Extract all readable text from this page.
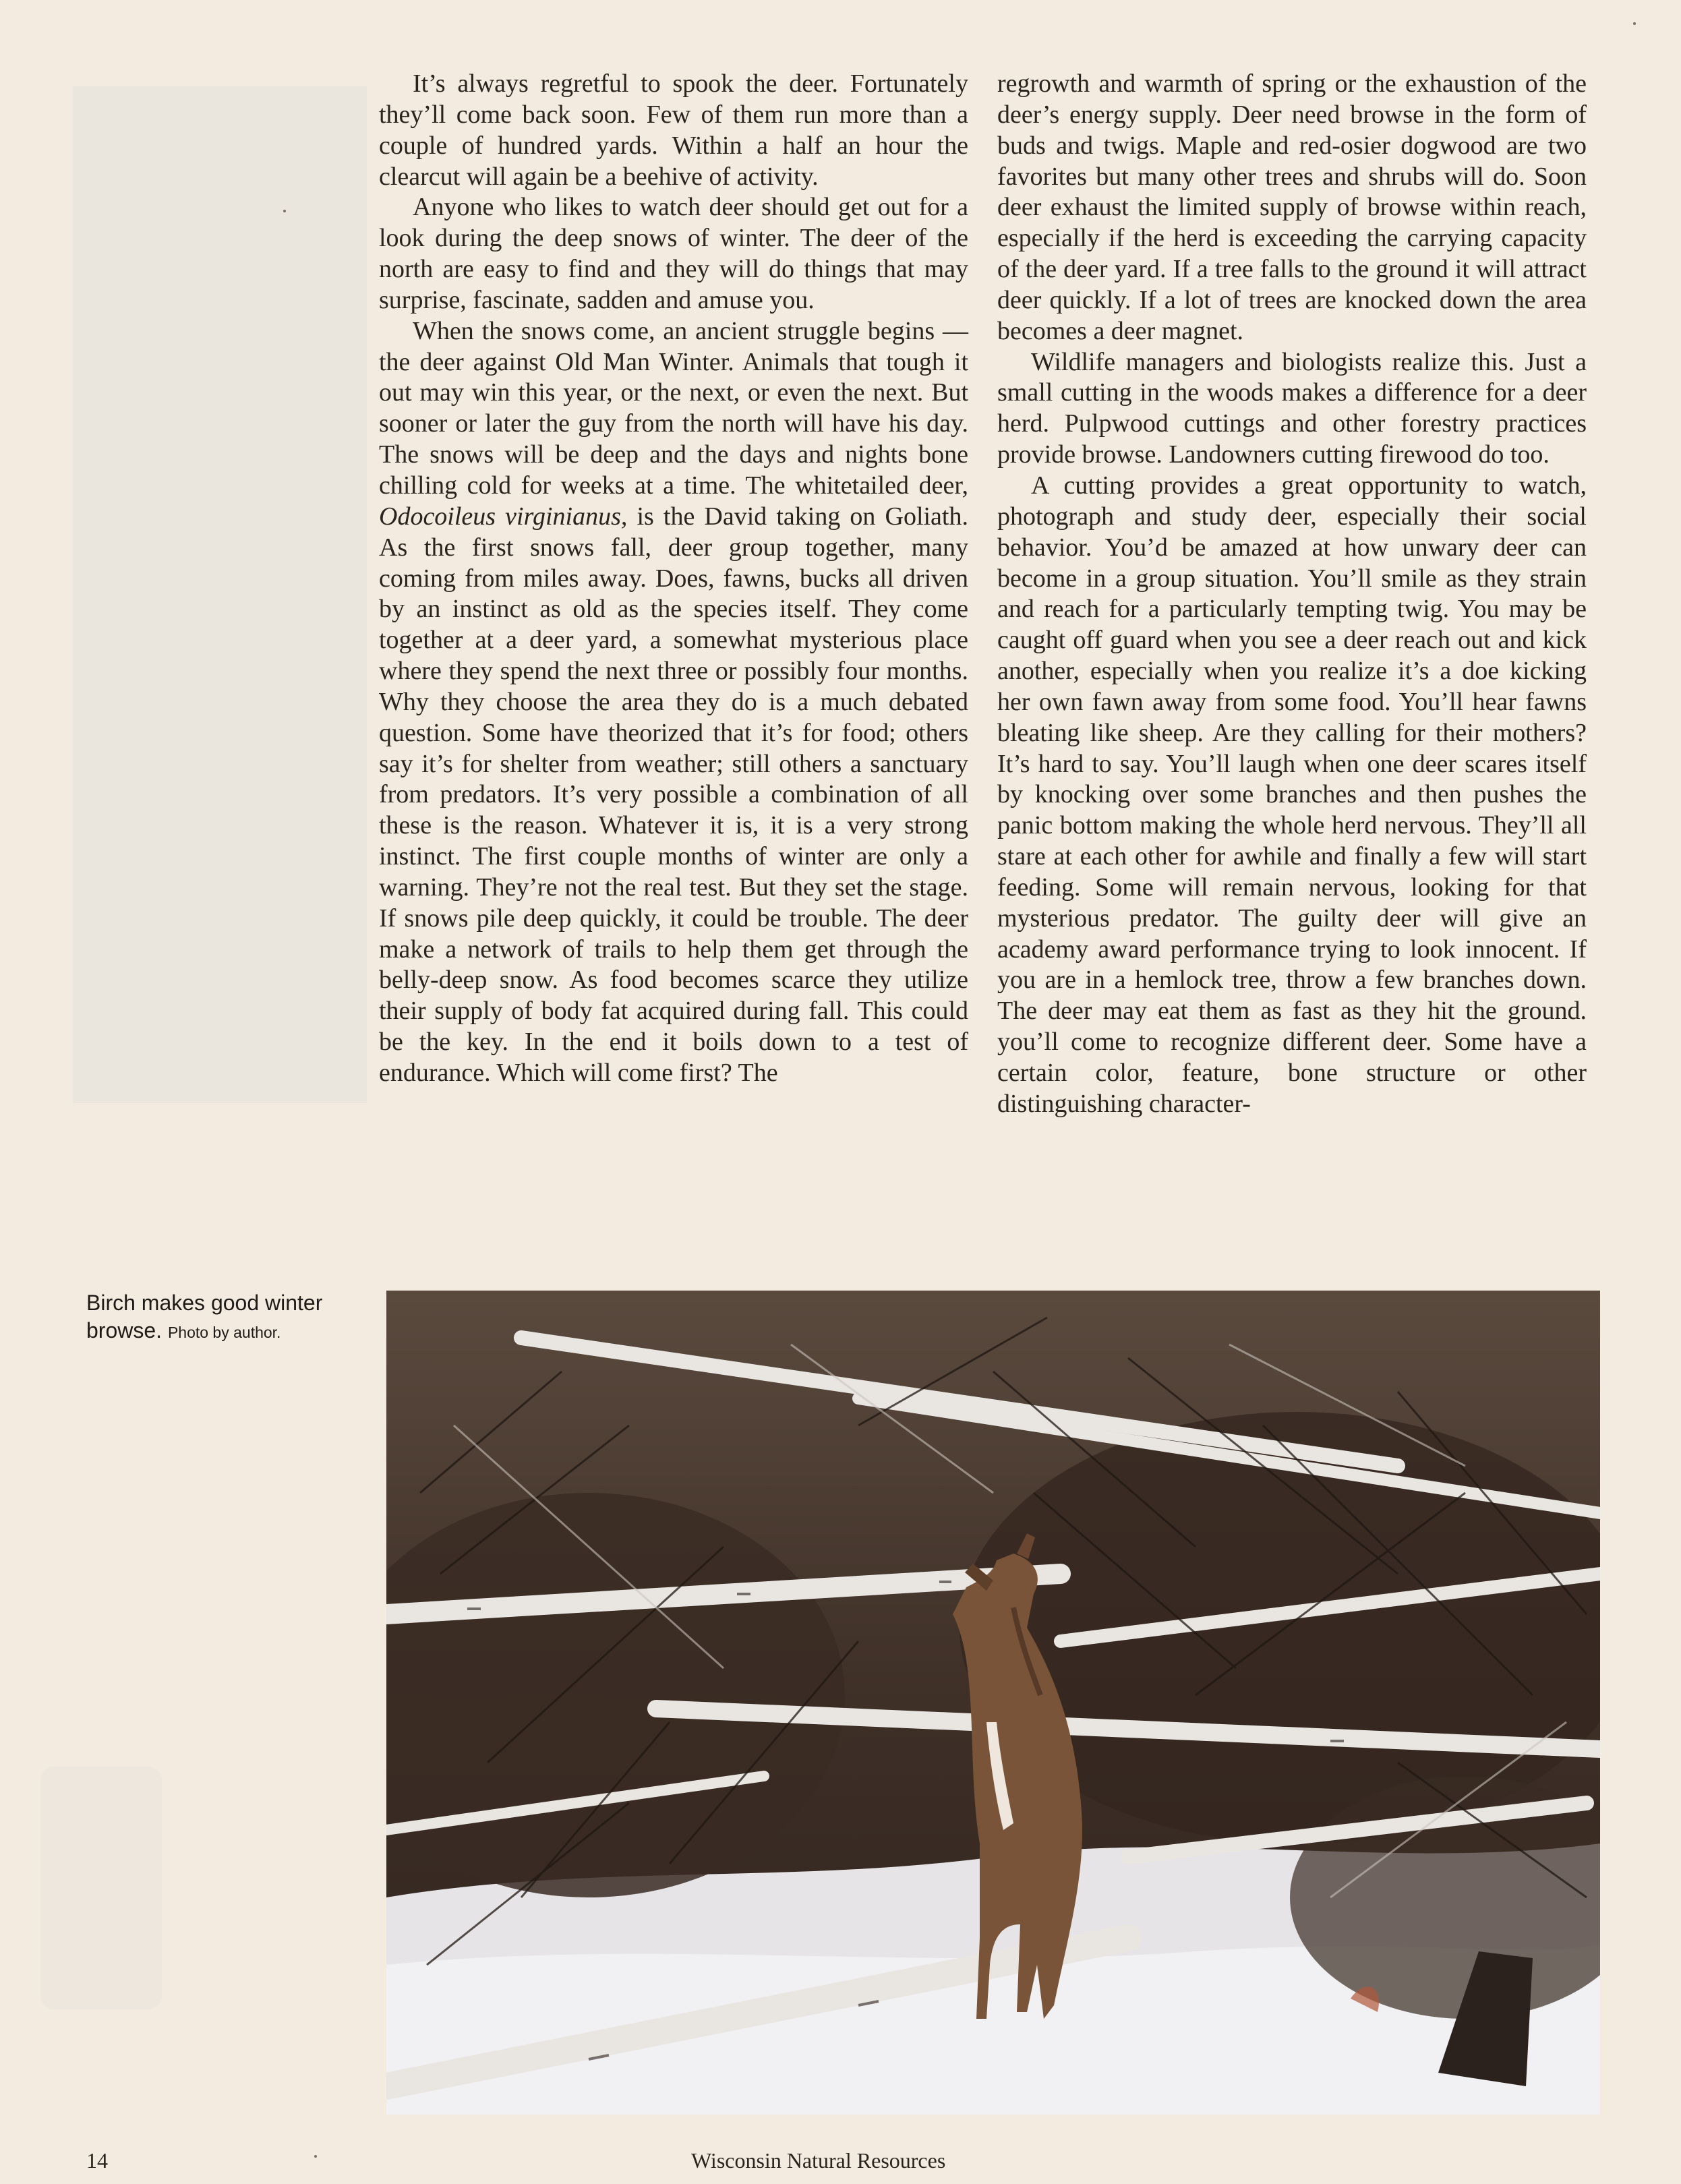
It’s always regretful to spook the deer. Fortunately they’ll come back soon. Few of them run more than a couple of hundred yards. Within a half an hour the clearcut will again be a beehive of activity.

Anyone who likes to watch deer should get out for a look during the deep snows of winter. The deer of the north are easy to find and they will do things that may surprise, fascinate, sadden and amuse you.

When the snows come, an ancient struggle begins — the deer against Old Man Winter. Animals that tough it out may win this year, or the next, or even the next. But sooner or later the guy from the north will have his day. The snows will be deep and the days and nights bone chilling cold for weeks at a time. The whitetailed deer, Odocoileus virginianus, is the David taking on Goliath. As the first snows fall, deer group together, many coming from miles away. Does, fawns, bucks all driven by an instinct as old as the species itself. They come together at a deer yard, a somewhat mysterious place where they spend the next three or possibly four months. Why they choose the area they do is a much debated question. Some have theorized that it’s for food; others say it’s for shelter from weather; still others a sanctuary from predators. It’s very possible a combination of all these is the reason. Whatever it is, it is a very strong instinct. The first couple months of winter are only a warning. They’re not the real test. But they set the stage. If snows pile deep quickly, it could be trouble. The deer make a network of trails to help them get through the belly-deep snow. As food becomes scarce they utilize their supply of body fat acquired during fall. This could be the key. In the end it boils down to a test of endurance. Which will come first? The

regrowth and warmth of spring or the exhaustion of the deer’s energy supply. Deer need browse in the form of buds and twigs. Maple and red-osier dogwood are two favorites but many other trees and shrubs will do. Soon deer exhaust the limited supply of browse within reach, especially if the herd is exceeding the carrying capacity of the deer yard. If a tree falls to the ground it will attract deer quickly. If a lot of trees are knocked down the area becomes a deer magnet.

Wildlife managers and biologists realize this. Just a small cutting in the woods makes a difference for a deer herd. Pulpwood cuttings and other forestry practices provide browse. Landowners cutting firewood do too.

A cutting provides a great opportunity to watch, photograph and study deer, especially their social behavior. You’d be amazed at how unwary deer can become in a group situation. You’ll smile as they strain and reach for a particularly tempting twig. You may be caught off guard when you see a deer reach out and kick another, especially when you realize it’s a doe kicking her own fawn away from some food. You’ll hear fawns bleating like sheep. Are they calling for their mothers? It’s hard to say. You’ll laugh when one deer scares itself by knocking over some branches and then pushes the panic bottom making the whole herd nervous. They’ll all stare at each other for awhile and finally a few will start feeding. Some will remain nervous, looking for that mysterious predator. The guilty deer will give an academy award performance trying to look innocent. If you are in a hemlock tree, throw a few branches down. The deer may eat them as fast as they hit the ground. you’ll come to recognize different deer. Some have a certain color, feature, bone structure or other distinguishing character-

Birch makes good winter browse. Photo by author.
14	Wisconsin Natural Resources
